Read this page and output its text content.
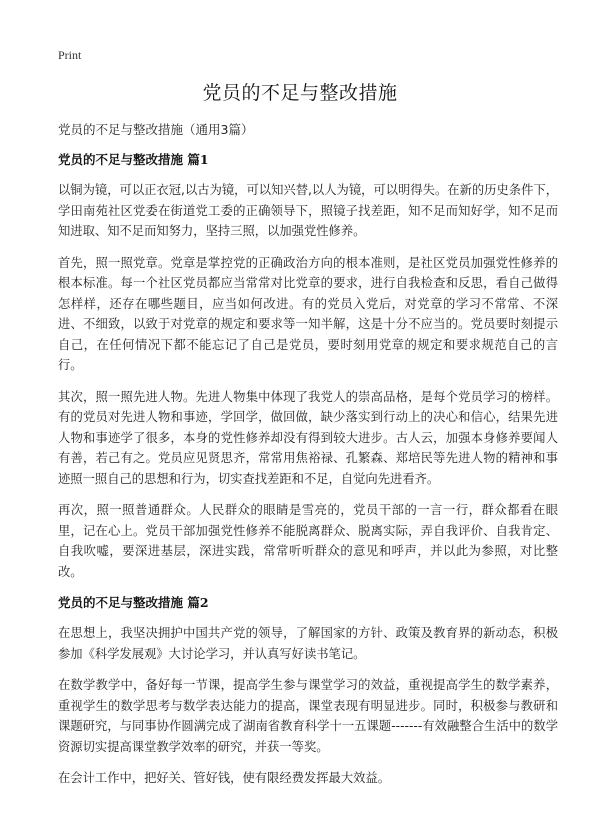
Print
党员的不足与整改措施
党员的不足与整改措施（通用3篇）
党员的不足与整改措施 篇1

以铜为镜，可以正衣冠,以古为镜，可以知兴替,以人为镜，可以明得失。在新的历史条件下，学田南苑社区党委在街道党工委的正确领导下，照镜子找差距，知不足而知好学，知不足而知进取、知不足而知努力，坚持三照，以加强党性修养。

首先，照一照党章。党章是掌控党的正确政治方向的根本准则，是社区党员加强党性修养的根本标准。每一个社区党员都应当常常对比党章的要求，进行自我检查和反思，看自己做得怎样样，还存在哪些题目，应当如何改进。有的党员入党后，对党章的学习不常常、不深进、不细致，以致于对党章的规定和要求等一知半解，这是十分不应当的。党员要时刻提示自己，在任何情况下都不能忘记了自己是党员，要时刻用党章的规定和要求规范自己的言行。

其次，照一照先进人物。先进人物集中体现了我党人的崇高品格，是每个党员学习的榜样。有的党员对先进人物和事迹，学回学，做回做，缺少落实到行动上的决心和信心，结果先进人物和事迹学了很多，本身的党性修养却没有得到较大进步。古人云，加强本身修养要闻人有善，若己有之。党员应见贤思齐，常常用焦裕禄、孔繁森、郑培民等先进人物的精神和事迹照一照自己的思想和行为，切实查找差距和不足，自觉向先进看齐。

再次，照一照普通群众。人民群众的眼睛是雪亮的，党员干部的一言一行，群众都看在眼里，记在心上。党员干部加强党性修养不能脱离群众、脱离实际，弄自我评价、自我肯定、自我吹嘘，要深进基层，深进实践，常常听听群众的意见和呼声，并以此为参照，对比整改。

党员的不足与整改措施 篇2

在思想上，我坚决拥护中国共产党的领导，了解国家的方针、政策及教育界的新动态，积极参加《科学发展观》大讨论学习，并认真写好读书笔记。

在数学教学中，备好每一节课，提高学生参与课堂学习的效益，重视提高学生的数学素养，重视学生的数学思考与数学表达能力的提高，课堂表现有明显进步。同时，积极参与教研和课题研究，与同事协作圆满完成了湖南省教育科学十一五课题-------有效融整合生活中的数学资源切实提高课堂教学效率的研究，并获一等奖。

在会计工作中，把好关、管好钱，使有限经费发挥最大效益。
